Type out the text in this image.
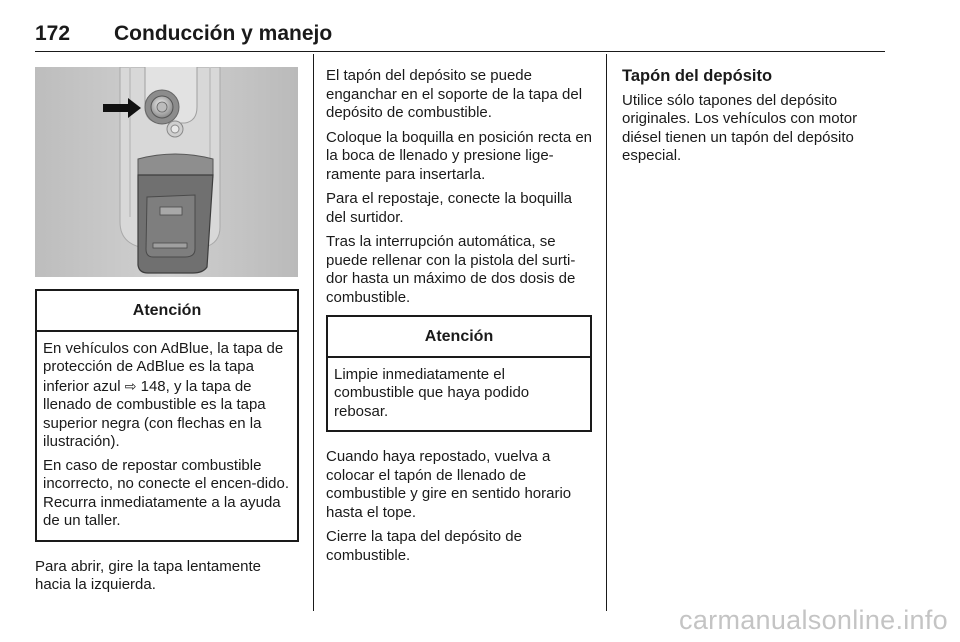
172 Conducción y manejo
Atención

En vehículos con AdBlue, la tapa de protección de AdBlue es la tapa inferior azul ⇨ 148, y la tapa de llenado de combustible es la tapa superior negra (con flechas en la ilustración).

En caso de repostar combustible incorrecto, no conecte el encen-dido. Recurra inmediatamente a la ayuda de un taller.

Para abrir, gire la tapa lentamente hacia la izquierda.

El tapón del depósito se puede enganchar en el soporte de la tapa del depósito de combustible.

Coloque la boquilla en posición recta en la boca de llenado y presione lige-ramente para insertarla.

Para el repostaje, conecte la boquilla del surtidor.

Tras la interrupción automática, se puede rellenar con la pistola del surti-dor hasta un máximo de dos dosis de combustible.

Atención

Limpie inmediatamente el combustible que haya podido rebosar.

Cuando haya repostado, vuelva a colocar el tapón de llenado de combustible y gire en sentido horario hasta el tope.

Cierre la tapa del depósito de combustible.

Tapón del depósito

Utilice sólo tapones del depósito originales. Los vehículos con motor diésel tienen un tapón del depósito especial.

carmanualsonline.info
